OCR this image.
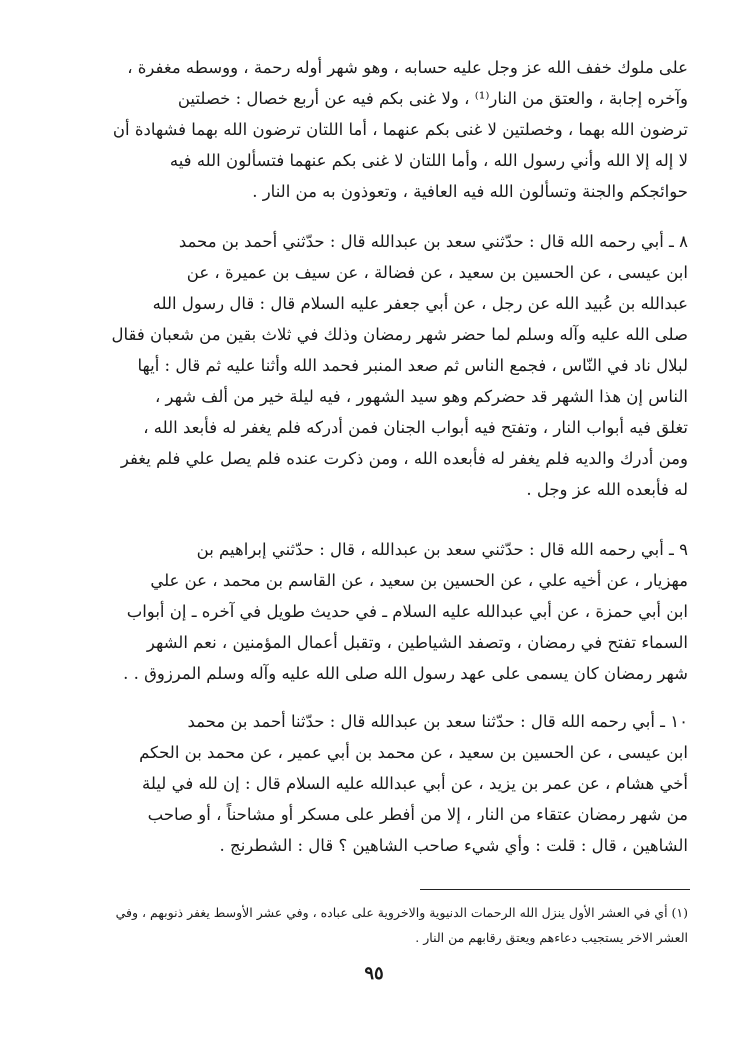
على ملوك خفف الله عز وجل عليه حسابه ، وهو شهر أوله رحمة ، ووسطه مغفرة ،
وآخره إجابة ، والعتق من النار⁽¹⁾ ، ولا غنى بكم فيه عن أربع خصال : خصلتين
ترضون الله بهما ، وخصلتين لا غنى بكم عنهما ، أما اللتان ترضون الله بهما فشهادة أن
لا إله إلا الله وأني رسول الله ، وأما اللتان لا غنى بكم عنهما فتسألون الله فيه
حوائجكم والجنة وتسألون الله فيه العافية ، وتعوذون به من النار .
٨ ـ أبي رحمه الله قال : حدّثني سعد بن عبدالله قال : حدّثني أحمد بن محمد
ابن عيسى ، عن الحسين بن سعيد ، عن فضالة ، عن سيف بن عميرة ، عن
عبدالله بن عُبيد الله عن رجل ، عن أبي جعفر عليه السلام قال : قال رسول الله
صلى الله عليه وآله وسلم لما حضر شهر رمضان وذلك في ثلاث بقين من شعبان فقال
لبلال ناد في النّاس ، فجمع الناس ثم صعد المنبر فحمد الله وأثنا عليه ثم قال : أيها
الناس إن هذا الشهر قد حضركم وهو سيد الشهور ، فيه ليلة خير من ألف شهر ،
تغلق فيه أبواب النار ، وتفتح فيه أبواب الجنان فمن أدركه فلم يغفر له فأبعد الله ،
ومن أدرك والديه فلم يغفر له فأبعده الله ، ومن ذكرت عنده فلم يصل علي فلم يغفر
له فأبعده الله عز وجل .
٩ ـ أبي رحمه الله قال : حدّثني سعد بن عبدالله ، قال : حدّثني إبراهيم بن
مهزيار ، عن أخيه علي ، عن الحسين بن سعيد ، عن القاسم بن محمد ، عن علي
ابن أبي حمزة ، عن أبي عبدالله عليه السلام ـ في حديث طويل في آخره ـ إن أبواب
السماء تفتح في رمضان ، وتصفد الشياطين ، وتقبل أعمال المؤمنين ، نعم الشهر
شهر رمضان كان يسمى على عهد رسول الله صلى الله عليه وآله وسلم المرزوق . .
١٠ ـ أبي رحمه الله قال : حدّثنا سعد بن عبدالله قال : حدّثنا أحمد بن محمد
ابن عيسى ، عن الحسين بن سعيد ، عن محمد بن أبي عمير ، عن محمد بن الحكم
أخي هشام ، عن عمر بن يزيد ، عن أبي عبدالله عليه السلام قال : إن لله في ليلة
من شهر رمضان عتقاء من النار ، إلا من أفطر على مسكر أو مشاحناً ، أو صاحب
الشاهين ، قال : قلت : وأي شيء صاحب الشاهين ؟ قال : الشطرنج .
(١) أي في العشر الأول ينزل الله الرحمات الدنيوية والاخروية على عباده ، وفي عشر الأوسط يغفر ذنوبهم ، وفي
العشر الاخر يستجيب دعاءهم ويعتق رقابهم من النار .
٩٥
